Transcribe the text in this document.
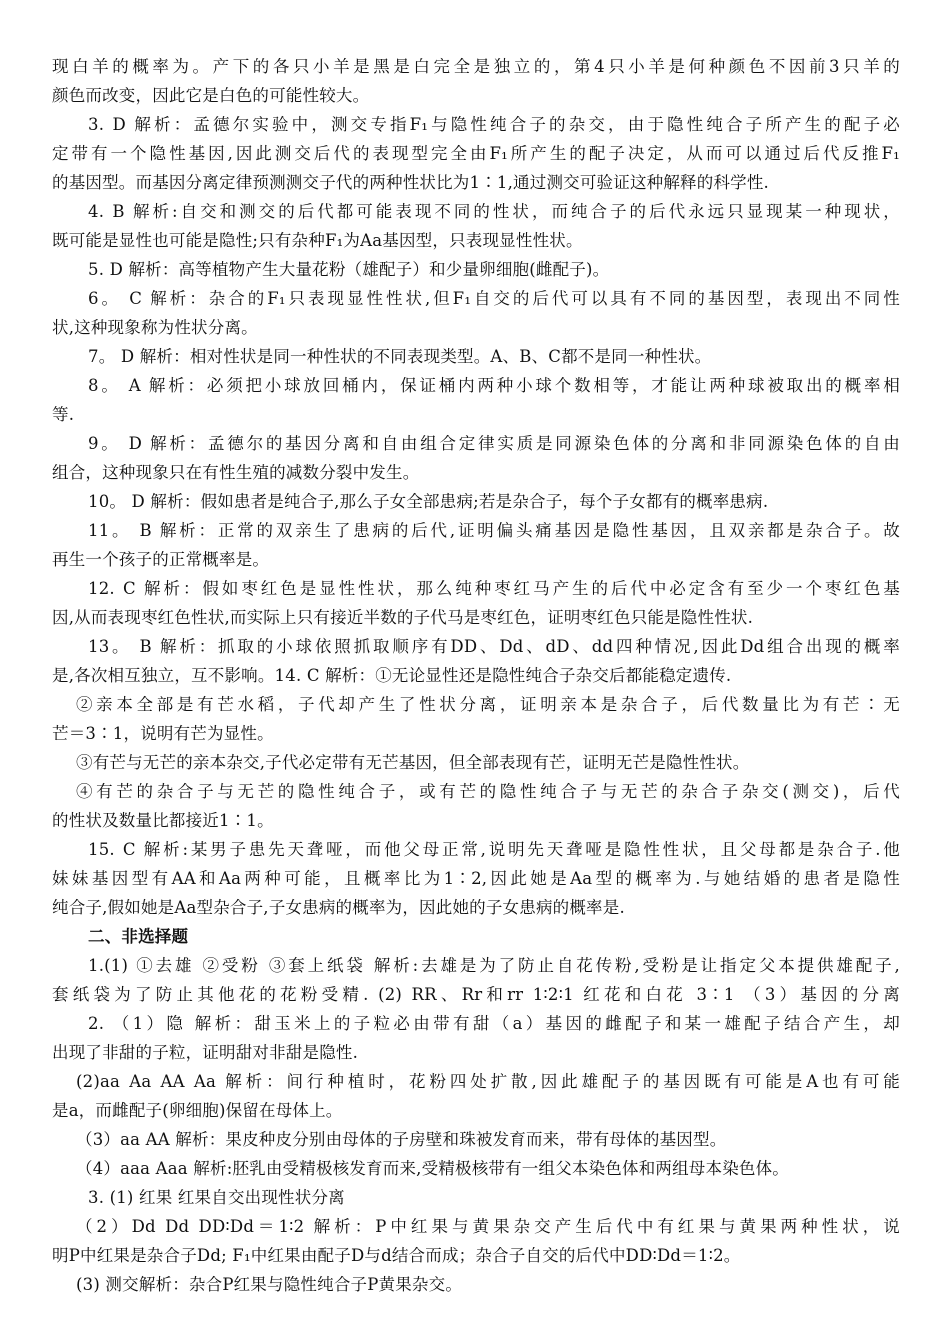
现白羊的概率为。产下的各只小羊是黑是白完全是独立的，第4只小羊是何种颜色不因前3只羊的
颜色而改变，因此它是白色的可能性较大。
3. D 解析：孟德尔实验中，测交专指F₁与隐性纯合子的杂交，由于隐性纯合子所产生的配子必
定带有一个隐性基因,因此测交后代的表现型完全由F₁所产生的配子决定，从而可以通过后代反推F₁
的基因型。而基因分离定律预测测交子代的两种性状比为1∶1,通过测交可验证这种解释的科学性.
4. B 解析:自交和测交的后代都可能表现不同的性状，而纯合子的后代永远只显现某一种现状，
既可能是显性也可能是隐性;只有杂种F₁为Aa基因型，只表现显性性状。
5. D 解析：高等植物产生大量花粉（雄配子）和少量卵细胞(雌配子)。
6。 C 解析：杂合的F₁只表现显性性状,但F₁自交的后代可以具有不同的基因型，表现出不同性
状,这种现象称为性状分离。
7。 D 解析：相对性状是同一种性状的不同表现类型。A、B、C都不是同一种性状。
8。 A 解析：必须把小球放回桶内，保证桶内两种小球个数相等，才能让两种球被取出的概率相
等.
9。 D 解析：孟德尔的基因分离和自由组合定律实质是同源染色体的分离和非同源染色体的自由
组合，这种现象只在有性生殖的减数分裂中发生。
10。 D 解析：假如患者是纯合子,那么子女全部患病;若是杂合子，每个子女都有的概率患病.
11。 B 解析：正常的双亲生了患病的后代,证明偏头痛基因是隐性基因，且双亲都是杂合子。故
再生一个孩子的正常概率是。
12. C 解析：假如枣红色是显性性状，那么纯种枣红马产生的后代中必定含有至少一个枣红色基
因,从而表现枣红色性状,而实际上只有接近半数的子代马是枣红色，证明枣红色只能是隐性性状.
13。 B 解析：抓取的小球依照抓取顺序有DD、Dd、dD、dd四种情况,因此Dd组合出现的概率
是,各次相互独立，互不影响。14. C 解析：①无论显性还是隐性纯合子杂交后都能稳定遗传.
②亲本全部是有芒水稻，子代却产生了性状分离，证明亲本是杂合子，后代数量比为有芒∶无
芒＝3∶1，说明有芒为显性。
③有芒与无芒的亲本杂交,子代必定带有无芒基因，但全部表现有芒，证明无芒是隐性性状。
④有芒的杂合子与无芒的隐性纯合子，或有芒的隐性纯合子与无芒的杂合子杂交(测交)，后代
的性状及数量比都接近1∶1。
15. C 解析:某男子患先天聋哑，而他父母正常,说明先天聋哑是隐性性状，且父母都是杂合子.他
妹妹基因型有AA和Aa两种可能，且概率比为1∶2,因此她是Aa型的概率为.与她结婚的患者是隐性
纯合子,假如她是Aa型杂合子,子女患病的概率为，因此她的子女患病的概率是.
二、非选择题
1.(1) ①去雄 ②受粉 ③套上纸袋 解析:去雄是为了防止自花传粉,受粉是让指定父本提供雄配子,
套纸袋为了防止其他花的花粉受精. (2) RR、Rr和rr 1∶2∶1 红花和白花 3∶1 （3）基因的分离
2. （1）隐 解析：甜玉米上的子粒必由带有甜（a）基因的雌配子和某一雄配子结合产生，却
出现了非甜的子粒，证明甜对非甜是隐性.
(2)aa Aa AA Aa 解析：间行种植时，花粉四处扩散,因此雄配子的基因既有可能是A也有可能
是a，而雌配子(卵细胞)保留在母体上。
（3）aa AA 解析：果皮种皮分别由母体的子房壁和珠被发育而来，带有母体的基因型。
（4）aaa Aaa 解析:胚乳由受精极核发育而来,受精极核带有一组父本染色体和两组母本染色体。
3. (1) 红果 红果自交出现性状分离
（2）Dd Dd DD∶Dd＝1∶2 解析：P中红果与黄果杂交产生后代中有红果与黄果两种性状，说
明P中红果是杂合子Dd; F₁中红果由配子D与d结合而成；杂合子自交的后代中DD∶Dd＝1∶2。
(3) 测交解析：杂合P红果与隐性纯合子P黄果杂交。
